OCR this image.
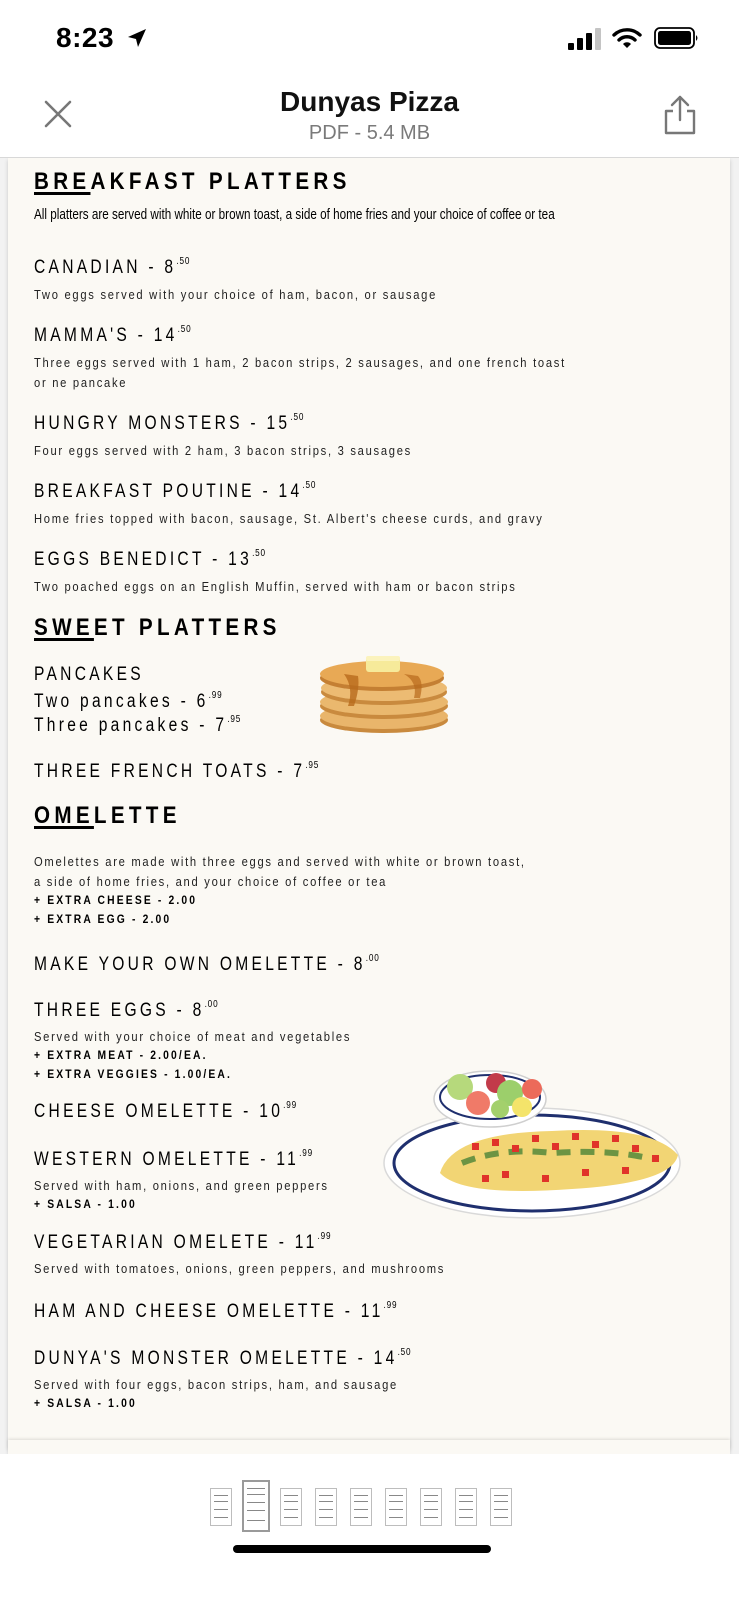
8:23
Dunyas Pizza
PDF - 5.4 MB
BREAKFAST PLATTERS
All platters are served with white or brown toast, a side of home fries and your choice of coffee or tea
CANADIAN - $8^{.50}$
Two eggs served with your choice of ham, bacon, or sausage
MAMMA'S - $14^{.50}$
Three eggs served with 1 ham, 2 bacon strips, 2 sausages, and one french toast
or ne pancake
HUNGRY MONSTERS - $15^{.50}$
Four eggs served with 2 ham, 3 bacon strips, 3 sausages
BREAKFAST POUTINE - $14^{.50}$
Home fries topped with bacon, sausage, St. Albert's cheese curds, and gravy
EGGS BENEDICT - $13^{.50}$
Two poached eggs on an English Muffin, served with ham or bacon strips
SWEET PLATTERS
PANCAKES
Two pancakes - $6^{.99}$
Three pancakes - $7^{.95}$
THREE FRENCH TOATS - $7^{.95}$
OMELETTE
Omelettes are made with three eggs and served with white or brown toast,
a side of home fries, and your choice of coffee or tea
+ EXTRA CHEESE - 2.00
+ EXTRA EGG - 2.00
MAKE YOUR OWN OMELETTE - $8^{.00}$
THREE EGGS - $8^{.00}$
Served with your choice of meat and vegetables
+ EXTRA MEAT - 2.00/EA.
+ EXTRA VEGGIES - 1.00/EA.
CHEESE OMELETTE - $10^{.99}$
WESTERN OMELETTE - $11^{.99}$
Served with ham, onions, and green peppers
+ SALSA - 1.00
VEGETARIAN OMELETE - $11^{.99}$
Served with tomatoes, onions, green peppers, and mushrooms
HAM AND CHEESE OMELETTE - $11^{.99}$
DUNYA'S MONSTER OMELETTE - $14^{.50}$
Served with four eggs, bacon strips, ham, and sausage
+ SALSA - 1.00
